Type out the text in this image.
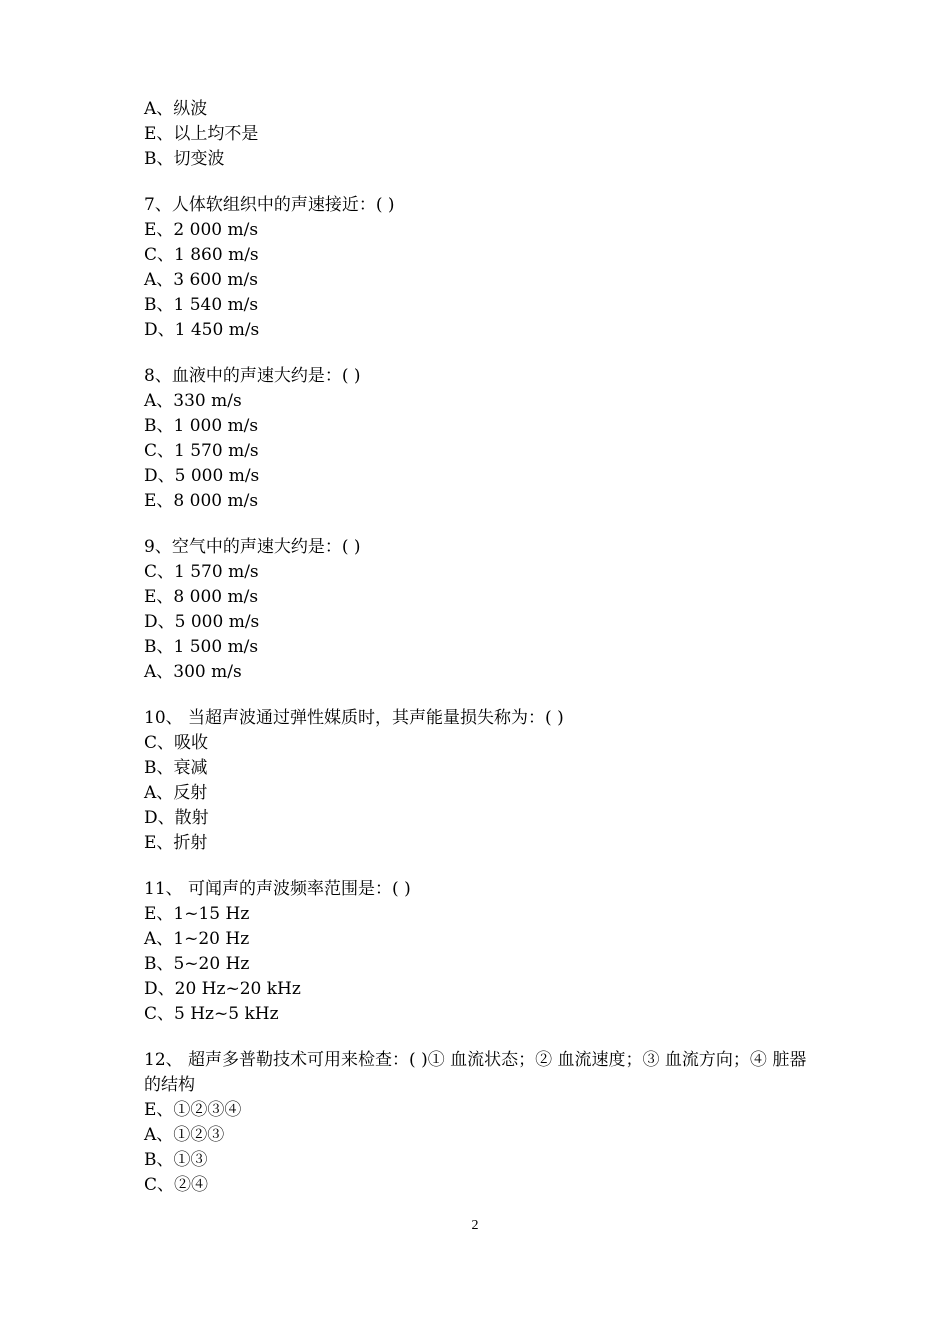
A、纵波
E、以上均不是
B、切变波
7、人体软组织中的声速接近：( )
E、2 000 m/s
C、1 860 m/s
A、3 600 m/s
B、1 540 m/s
D、1 450 m/s
8、血液中的声速大约是：( )
A、330 m/s
B、1 000 m/s
C、1 570 m/s
D、5 000 m/s
E、8 000 m/s
9、空气中的声速大约是：( )
C、1 570 m/s
E、8 000 m/s
D、5 000 m/s
B、1 500 m/s
A、300 m/s
10、 当超声波通过弹性媒质时，其声能量损失称为：( )
C、吸收
B、衰减
A、反射
D、散射
E、折射
11、 可闻声的声波频率范围是：( )
E、1~15 Hz
A、1~20 Hz
B、5~20 Hz
D、20 Hz~20 kHz
C、5 Hz~5 kHz
12、 超声多普勒技术可用来检查：( )① 血流状态；② 血流速度；③ 血流方向；④ 脏器的结构
E、①②③④
A、①②③
B、①③
C、②④
2
